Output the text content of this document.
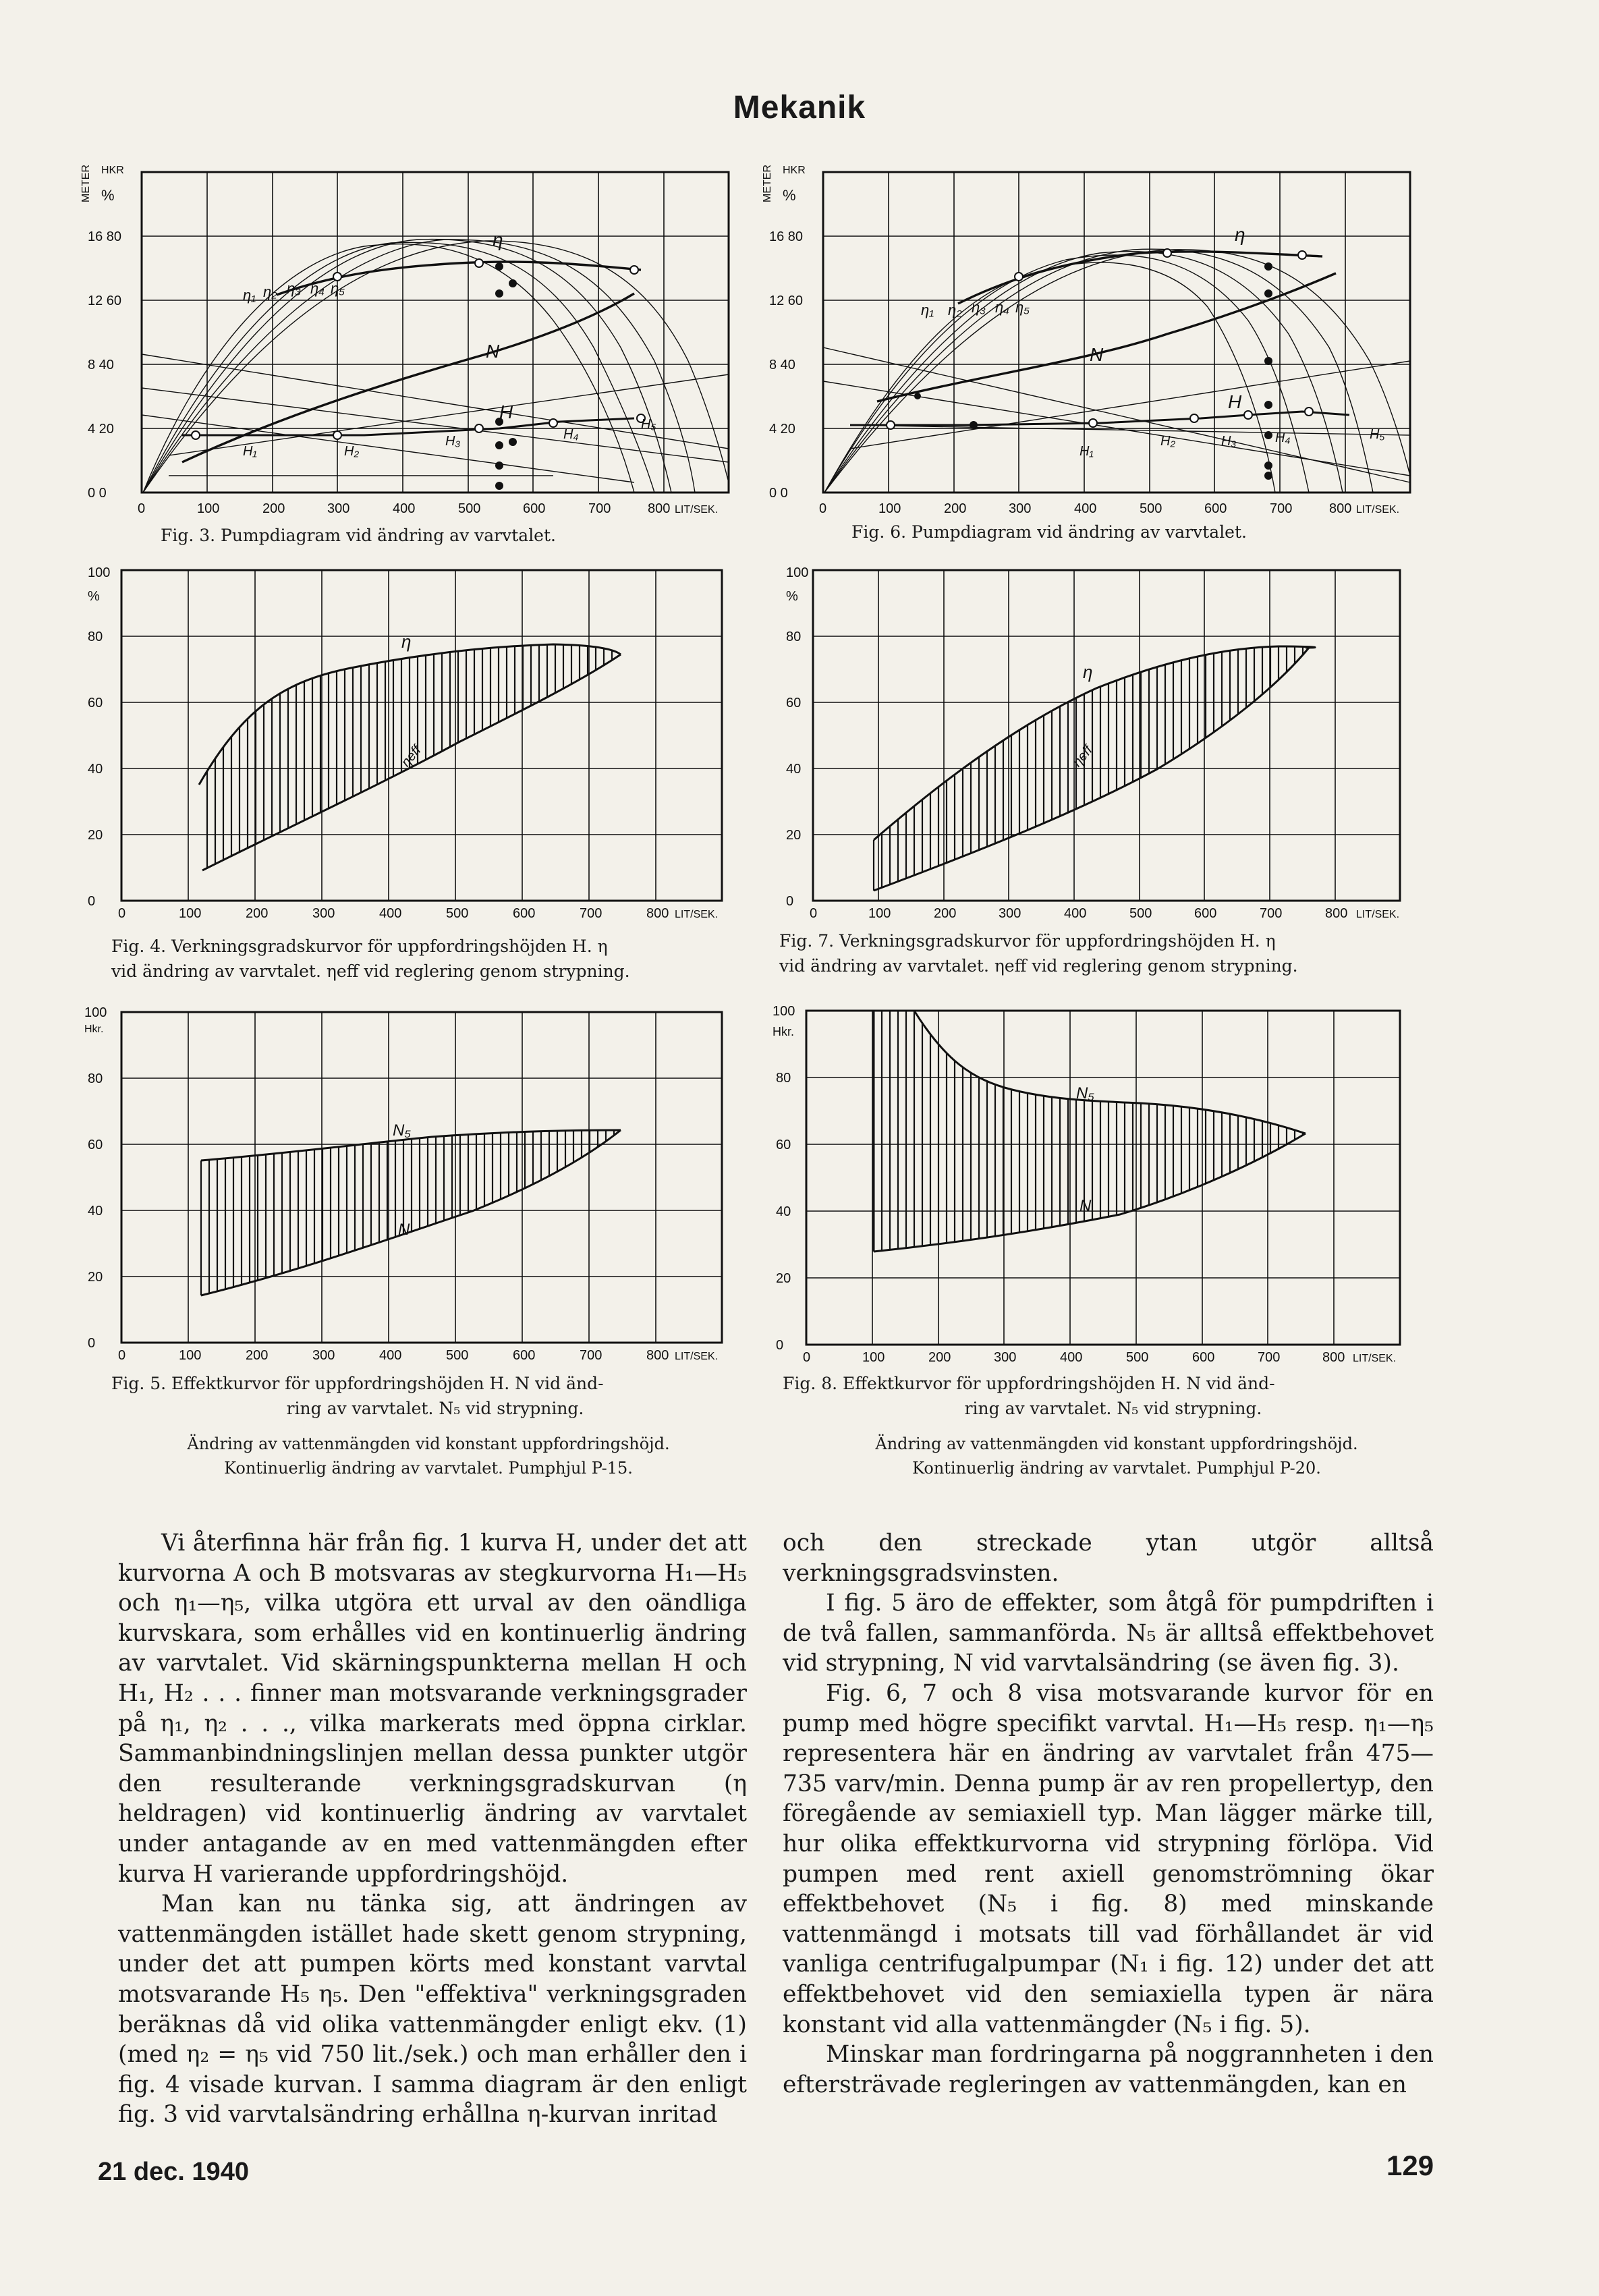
Mekanik
η
η₁ η₂ η₃ η₄ η₅
N
H
H₁	H₂
H₃	H₄
H₅
METER HKR
%
0 0
4 20
8 40
12 60
16 80
0	100	200	300	400	500	600	700	800 LIT/SEK.
Fig. 3. Pumpdiagram vid ändring av varvtalet.
η
η₁ η₂ η₃ η₄ η₅
N
H
H₁
H₂	H₃	H₄	H₅
METER HKR
%
0 0
4 20
8 40
12 60
16 80
0	100	200	300	400	500	600	700	800 LIT/SEK.
Fig. 6. Pumpdiagram vid ändring av varvtalet.
η
ηeff
%
0
20
40
60
80
100
0	100	200	300	400	500	600	700	800 LIT/SEK.
Fig. 4. Verkningsgradskurvor för uppfordringshöjden H. η
vid ändring av varvtalet. ηeff vid reglering genom strypning.
η
ηeff
%
0
20
40
60
80
100
0	100	200	300	400	500	600	700	800 LIT/SEK.
Fig. 7. Verkningsgradskurvor för uppfordringshöjden H. η
vid ändring av varvtalet. ηeff vid reglering genom strypning.
N₅
N
100
Hkr.
0
20
40
60
80
0	100	200	300	400	500	600	700	800 LIT/SEK.
Fig. 5. Effektkurvor för uppfordringshöjden H. N vid änd-
ring av varvtalet. N₅ vid strypning.
Ändring av vattenmängden vid konstant uppfordringshöjd.
Kontinuerlig ändring av varvtalet. Pumphjul P-15.
N₅
N
100
Hkr.
0
20
40
60
80
0	100	200	300	400	500	600	700	800 LIT/SEK.
Fig. 8. Effektkurvor för uppfordringshöjden H. N vid änd-
ring av varvtalet. N₅ vid strypning.
Ändring av vattenmängden vid konstant uppfordringshöjd.
Kontinuerlig ändring av varvtalet. Pumphjul P-20.

Vi återfinna här från fig. 1 kurva H, under det att kurvorna A och B motsvaras av stegkurvorna H₁—H₅ och η₁—η₅, vilka utgöra ett urval av den oändliga kurvskara, som erhålles vid en kontinuerlig ändring av varvtalet. Vid skärningspunkterna mellan H och H₁, H₂ . . . finner man motsvarande verkningsgrader på η₁, η₂ . . ., vilka markerats med öppna cirklar. Sammanbindningslinjen mellan dessa punkter utgör den resulterande verkningsgradskurvan (η heldragen) vid kontinuerlig ändring av varvtalet under antagande av en med vattenmängden efter kurva H varierande uppfordringshöjd.

Man kan nu tänka sig, att ändringen av vattenmängden istället hade skett genom strypning, under det att pumpen körts med konstant varvtal motsvarande H₅ η₅. Den "effektiva" verkningsgraden beräknas då vid olika vattenmängder enligt ekv. (1) (med η₂ = η₅ vid 750 lit./sek.) och man erhåller den i fig. 4 visade kurvan. I samma diagram är den enligt fig. 3 vid varvtalsändring erhållna η-kurvan inritad

och den streckade ytan utgör alltså verkningsgradsvinsten.

I fig. 5 äro de effekter, som åtgå för pumpdriften i de två fallen, sammanförda. N₅ är alltså effektbehovet vid strypning, N vid varvtalsändring (se även fig. 3).

Fig. 6, 7 och 8 visa motsvarande kurvor för en pump med högre specifikt varvtal. H₁—H₅ resp. η₁—η₅ representera här en ändring av varvtalet från 475—735 varv/min. Denna pump är av ren propellertyp, den föregående av semiaxiell typ. Man lägger märke till, hur olika effektkurvorna vid strypning förlöpa. Vid pumpen med rent axiell genomströmning ökar effektbehovet (N₅ i fig. 8) med minskande vattenmängd i motsats till vad förhållandet är vid vanliga centrifugalpumpar (N₁ i fig. 12) under det att effektbehovet vid den semiaxiella typen är nära konstant vid alla vattenmängder (N₅ i fig. 5).

Minskar man fordringarna på noggrannheten i den eftersträvade regleringen av vattenmängden, kan en

21 dec. 1940	129
